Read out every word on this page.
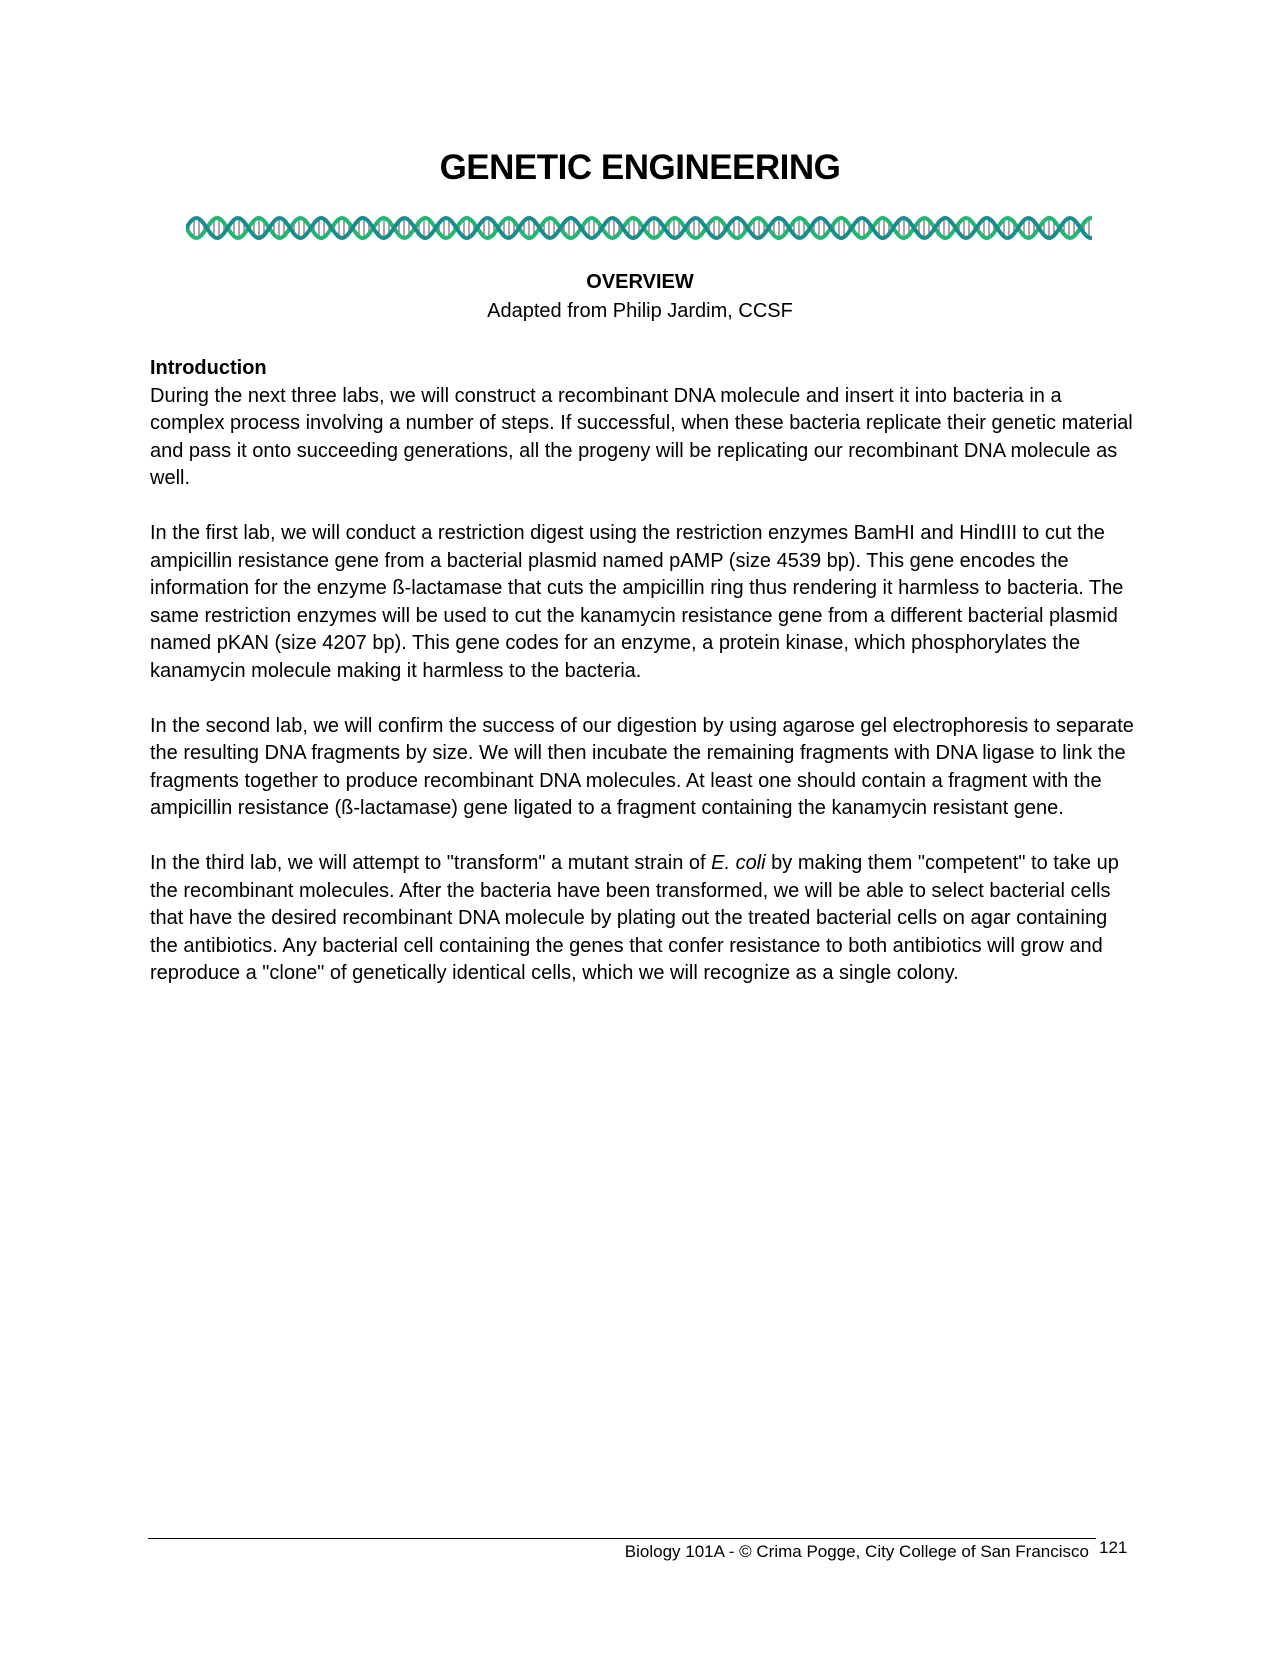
GENETIC ENGINEERING
OVERVIEW
Adapted from Philip Jardim, CCSF

Introduction
During the next three labs, we will construct a recombinant DNA molecule and insert it into bacteria in a complex process involving a number of steps. If successful, when these bacteria replicate their genetic material and pass it onto succeeding generations, all the progeny will be replicating our recombinant DNA molecule as well.

In the first lab, we will conduct a restriction digest using the restriction enzymes BamHI and HindIII to cut the ampicillin resistance gene from a bacterial plasmid named pAMP (size 4539 bp). This gene encodes the information for the enzyme ß-lactamase that cuts the ampicillin ring thus rendering it harmless to bacteria. The same restriction enzymes will be used to cut the kanamycin resistance gene from a different bacterial plasmid named pKAN (size 4207 bp). This gene codes for an enzyme, a protein kinase, which phosphorylates the kanamycin molecule making it harmless to the bacteria.

In the second lab, we will confirm the success of our digestion by using agarose gel electrophoresis to separate the resulting DNA fragments by size. We will then incubate the remaining fragments with DNA ligase to link the fragments together to produce recombinant DNA molecules. At least one should contain a fragment with the ampicillin resistance (ß-lactamase) gene ligated to a fragment containing the kanamycin resistant gene.

In the third lab, we will attempt to "transform" a mutant strain of E. coli by making them "competent" to take up the recombinant molecules. After the bacteria have been transformed, we will be able to select bacterial cells that have the desired recombinant DNA molecule by plating out the treated bacterial cells on agar containing the antibiotics. Any bacterial cell containing the genes that confer resistance to both antibiotics will grow and reproduce a "clone" of genetically identical cells, which we will recognize as a single colony.

Biology 101A - © Crima Pogge, City College of San Francisco 121
